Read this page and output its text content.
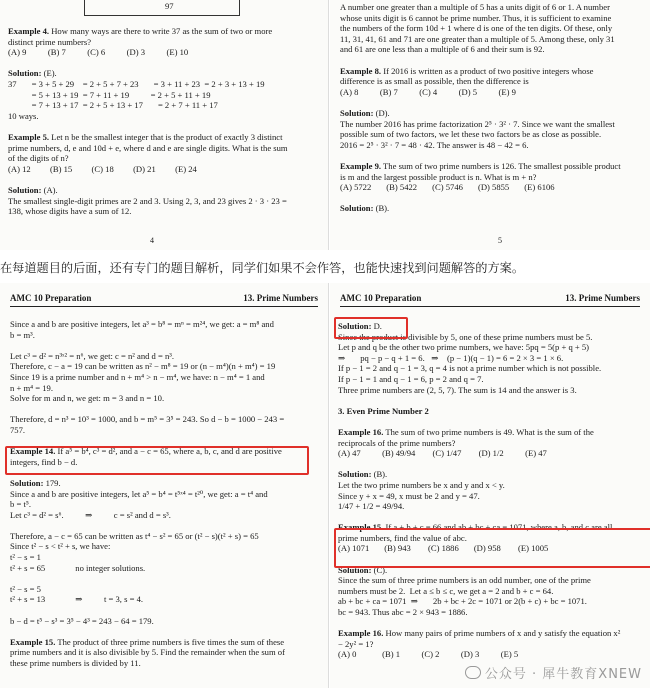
97
Example 4. How many ways are there to write 37 as the sum of two or more
distinct prime numbers?
(A) 9          (B) 7          (C) 6          (D) 3          (E) 10

Solution: (E).
37       = 3 + 5 + 29    = 2 + 5 + 7 + 23       = 3 + 11 + 23  = 2 + 3 + 13 + 19
= 5 + 13 + 19  = 7 + 11 + 19          = 2 + 5 + 11 + 19
= 7 + 13 + 17  = 2 + 5 + 13 + 17       = 2 + 7 + 11 + 17
10 ways.

Example 5. Let n be the smallest integer that is the product of exactly 3 distinct
prime numbers, d, e and 10d + e, where d and e are single digits. What is the sum
of the digits of n?
(A) 12         (B) 15         (C) 18         (D) 21         (E) 24

Solution: (A).
The smallest single-digit primes are 2 and 3. Using 2, 3, and 23 gives 2 · 3 · 23 =
138, whose digits have a sum of 12.
4
A number one greater than a multiple of 5 has a units digit of 6 or 1. A number
whose units digit is 6 cannot be prime number. Thus, it is sufficient to examine
the numbers of the form 10d + 1 where d is one of the ten digits. Of these, only
11, 31, 41, 61 and 71 are one greater than a multiple of 5. Among these, only 31
and 61 are one less than a multiple of 6 and their sum is 92.

Example 8. If 2016 is written as a product of two positive integers whose
difference is as small as possible, then the difference is
(A) 8          (B) 7          (C) 4          (D) 5          (E) 9

Solution: (D).
The number 2016 has prime factorization 2⁵ · 3² · 7. Since we want the smallest
possible sum of two factors, we let these two factors be as close as possible.
2016 = 2⁵ · 3² · 7 = 48 · 42. The answer is 48 − 42 = 6.

Example 9. The sum of two prime numbers is 126. The smallest possible product
is m and the largest possible product is n. What is m + n?
(A) 5722       (B) 5422       (C) 5746       (D) 5855       (E) 6106

Solution: (B).
5
在每道题目的后面，还有专门的题目解析，同学们如果不会作答，也能快速找到问题解答的方案。
AMC 10 Preparation	13. Prime Numbers
Since a and b are positive integers, let a³ = b⁸ = mⁿ = m²⁴, we get: a = m⁸ and
b = m³.

Let c³ = d² = n³ˣ² = n⁶, we get: c = n² and d = n³.
Therefore, c − a = 19 can be written as n² − m⁸ = 19 or (n − m⁴)(n + m⁴) = 19
Since 19 is a prime number and n + m⁴ > n − m⁴, we have: n − m⁴ = 1 and
n + m⁴ = 19.
Solve for m and n, we get: m = 3 and n = 10.

Therefore, d = n³ = 10³ = 1000, and b = m⁵ = 3⁵ = 243. So d − b = 1000 − 243 =
757.

Example 14. If a⁵ = b⁴, c³ = d², and a − c = 65, where a, b, c, and d are positive
integers, find b − d.

Solution: 179.
Since a and b are positive integers, let a⁵ = b⁴ = t⁵ˣ⁴ = t²⁰, we get: a = t⁴ and
b = t⁵.
Let c³ = d² = s⁶.          ⇒          c = s² and d = s³.

Therefore, a − c = 65 can be written as t⁴ − s² = 65 or (t² − s)(t² + s) = 65
Since t² − s < t² + s, we have:
t² − s = 1
t² + s = 65              no integer solutions.

t² − s = 5
t² + s = 13              ⇒          t = 3, s = 4.

b − d = t⁵ − s³ = 3⁵ − 4³ = 243 − 64 = 179.

Example 15. The product of three prime numbers is five times the sum of these
prime numbers and it is also divisible by 5. Find the remainder when the sum of
these prime numbers is divided by 11.
AMC 10 Preparation	13. Prime Numbers
Solution: D.
Since the product is divisible by 5, one of these prime numbers must be 5.
Let p and q be the other two prime numbers, we have: 5pq = 5(p + q + 5)
⇒       pq − p − q + 1 = 6.   ⇒    (p − 1)(q − 1) = 6 = 2 × 3 = 1 × 6.
If p − 1 = 2 and q − 1 = 3, q = 4 is not a prime number which is not possible.
If p − 1 = 1 and q − 1 = 6, p = 2 and q = 7.
Three prime numbers are (2, 5, 7). The sum is 14 and the answer is 3.

3. Even Prime Number 2

Example 16. The sum of two prime numbers is 49. What is the sum of the
reciprocals of the prime numbers?
(A) 47          (B) 49/94        (C) 1/47        (D) 1/2          (E) 47

Solution: (B).
Let the two prime numbers be x and y and x < y.
Since y + x = 49, x must be 2 and y = 47.
1/47 + 1/2 = 49/94.

Example 15. If a + b + c = 66 and ab + bc + ca = 1071, where a, b, and c are all
prime numbers, find the value of abc.
(A) 1071       (B) 943        (C) 1886       (D) 958        (E) 1005

Solution: (C).
Since the sum of three prime numbers is an odd number, one of the prime
numbers must be 2.  Let a ≤ b ≤ c, we get a = 2 and b + c = 64.
ab + bc + ca = 1071  ⇒       2b + bc + 2c = 1071 or 2(b + c) + bc = 1071.
bc = 943. Thus abc = 2 × 943 = 1886.

Example 16. How many pairs of prime numbers of x and y satisfy the equation x²
− 2y² = 1?
(A) 0            (B) 1          (C) 2          (D) 3          (E) 5
公众号 · 犀牛教育XNEW
